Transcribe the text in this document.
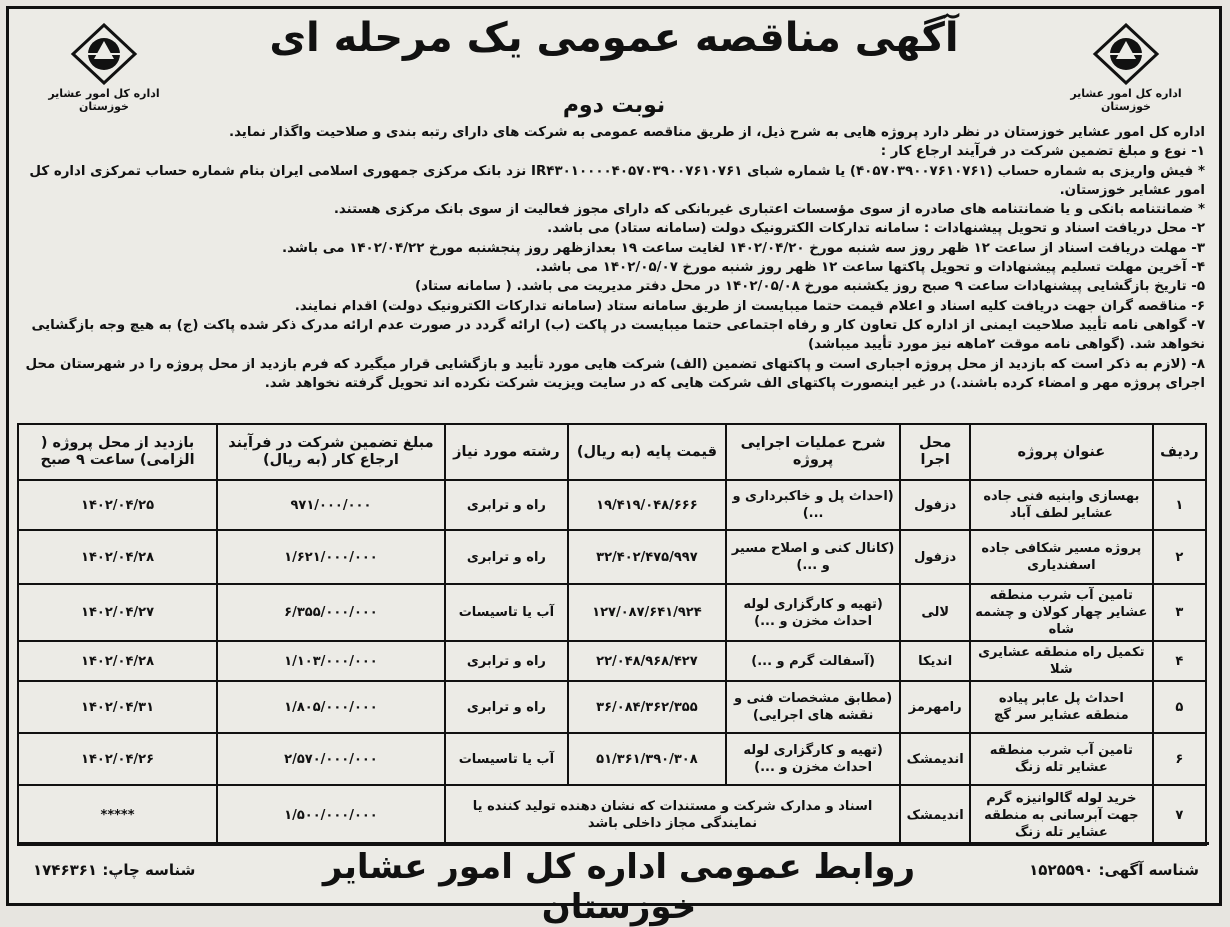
اداره کل امور عشایر خوزستان
اداره کل امور عشایر خوزستان
آگهی مناقصه عمومی یک مرحله ای
نوبت دوم

اداره کل امور عشایر خوزستان در نظر دارد پروژه هایی به شرح ذیل، از طریق مناقصه عمومی به شرکت های دارای رتبه بندی و صلاحیت واگذار نماید.

۱- نوع و مبلغ تضمین شرکت در فرآیند ارجاع کار :

* فیش واریزی به شماره حساب (۴۰۵۷۰۳۹۰۰۷۶۱۰۷۶۱) یا شماره شبای IR۴۳۰۱۰۰۰۰۴۰۵۷۰۳۹۰۰۷۶۱۰۷۶۱ نزد بانک مرکزی جمهوری اسلامی ایران بنام شماره حساب تمرکزی اداره کل امور عشایر خوزستان.

* ضمانتنامه بانکی و یا ضمانتنامه های صادره از سوی مؤسسات اعتباری غیربانکی که دارای مجوز فعالیت از سوی بانک مرکزی هستند.

۲- محل دریافت اسناد و تحویل پیشنهادات : سامانه تدارکات الکترونیک دولت (سامانه ستاد) می باشد.

۳- مهلت دریافت اسناد از ساعت ۱۲ ظهر روز سه شنبه مورخ ۱۴۰۲/۰۴/۲۰ لغایت ساعت ۱۹ بعدازظهر روز پنجشنبه مورخ ۱۴۰۲/۰۴/۲۲ می باشد.

۴- آخرین مهلت تسلیم پیشنهادات و تحویل پاکتها ساعت ۱۲ ظهر روز شنبه مورخ ۱۴۰۲/۰۵/۰۷ می باشد.

۵- تاریخ بازگشایی پیشنهادات ساعت ۹ صبح روز یکشنبه مورخ ۱۴۰۲/۰۵/۰۸ در محل دفتر مدیریت می باشد. ( سامانه ستاد)

۶- مناقصه گران جهت دریافت کلیه اسناد و اعلام قیمت حتما میبایست از طریق سامانه ستاد (سامانه تدارکات الکترونیک دولت) اقدام نمایند.

۷- گواهی نامه تأیید صلاحیت ایمنی از اداره کل تعاون کار و رفاه اجتماعی حتما میبایست در پاکت (ب) ارائه گردد در صورت عدم ارائه مدرک ذکر شده پاکت (ج) به هیچ وجه بازگشایی نخواهد شد. (گواهی نامه موقت ۲ماهه نیز مورد تأیید میباشد)

۸- (لازم به ذکر است که بازدید از محل پروژه اجباری است و پاکتهای تضمین (الف) شرکت هایی مورد تأیید و بازگشایی قرار میگیرد که فرم بازدید از محل پروژه را در شهرستان محل اجرای پروژه مهر و امضاء کرده باشند.) در غیر اینصورت پاکتهای الف شرکت هایی که در سایت ویزیت شرکت نکرده اند تحویل گرفته نخواهد شد.

ردیف	عنوان پروژه	محل اجرا	شرح عملیات اجرایی پروژه	قیمت پایه (به ریال)	رشته مورد نیاز	مبلغ تضمین شرکت در فرآیند ارجاع کار (به ریال)	بازدید از محل پروژه ( الزامی) ساعت ۹ صبح
۱	بهسازی وابنیه فنی جاده عشایر لطف آباد	دزفول	(احداث پل و خاکبرداری و ...)	۱۹/۴۱۹/۰۴۸/۶۶۶	راه و ترابری	۹۷۱/۰۰۰/۰۰۰	۱۴۰۲/۰۴/۲۵
۲	پروژه مسیر شکافی جاده اسفندیاری	دزفول	(کانال کنی و اصلاح مسیر و ...)	۳۲/۴۰۲/۴۷۵/۹۹۷	راه و ترابری	۱/۶۲۱/۰۰۰/۰۰۰	۱۴۰۲/۰۴/۲۸
۳	تامین آب شرب منطقه عشایر چهار کولان و چشمه شاه	لالی	(تهیه و کارگزاری لوله احداث مخزن و ...)	۱۲۷/۰۸۷/۶۴۱/۹۲۴	آب یا تاسیسات	۶/۳۵۵/۰۰۰/۰۰۰	۱۴۰۲/۰۴/۲۷
۴	تکمیل راه منطقه عشایری شلا	اندیکا	(آسفالت گرم و ...)	۲۲/۰۴۸/۹۶۸/۴۲۷	راه و ترابری	۱/۱۰۳/۰۰۰/۰۰۰	۱۴۰۲/۰۴/۲۸
۵	احداث پل عابر پیاده منطقه عشایر سر گچ	رامهرمز	(مطابق مشخصات فنی و نقشه های اجرایی)	۳۶/۰۸۴/۳۶۲/۳۵۵	راه و ترابری	۱/۸۰۵/۰۰۰/۰۰۰	۱۴۰۲/۰۴/۳۱
۶	تامین آب شرب منطقه عشایر تله زنگ	اندیمشک	(تهیه و کارگزاری لوله احداث مخزن و ...)	۵۱/۳۶۱/۳۹۰/۳۰۸	آب یا تاسیسات	۲/۵۷۰/۰۰۰/۰۰۰	۱۴۰۲/۰۴/۲۶
۷	خرید لوله گالوانیزه گرم جهت آبرسانی به منطقه عشایر تله زنگ	اندیمشک	اسناد و مدارک شرکت و مستندات که نشان دهنده تولید کننده یا نمایندگی مجاز داخلی باشد			۱/۵۰۰/۰۰۰/۰۰۰	*****
شناسه آگهی: ۱۵۲۵۵۹۰
روابط عمومی اداره کل امور عشایر خوزستان
شناسه چاپ: ۱۷۴۶۳۶۱
